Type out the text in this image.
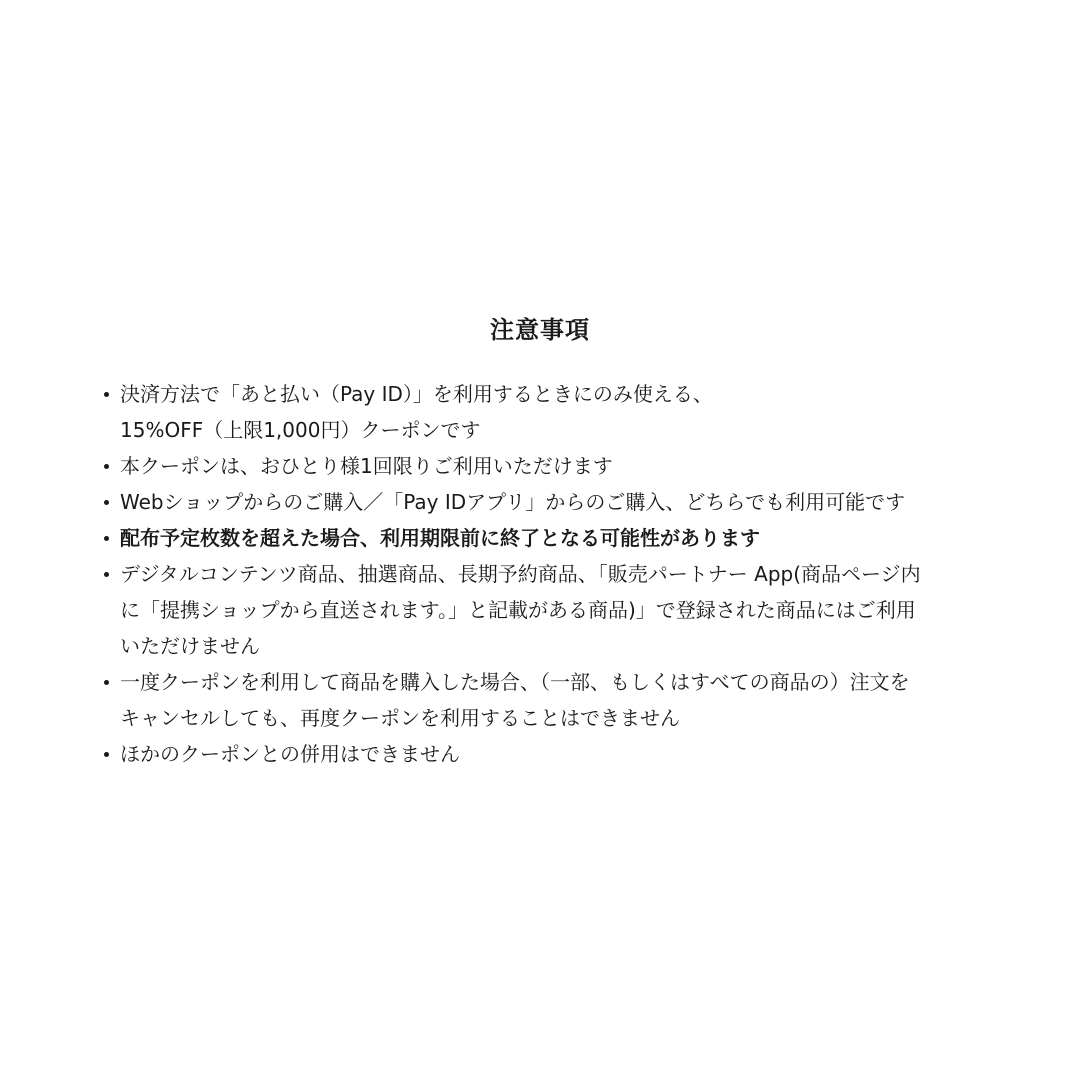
注意事項
決済方法で「あと払い（Pay ID）」を利用するときにのみ使える、
15%OFF（上限1,000円）クーポンです
本クーポンは、おひとり様1回限りご利用いただけます
Webショップからのご購入／「Pay IDアプリ」からのご購入、どちらでも利用可能です
配布予定枚数を超えた場合、利用期限前に終了となる可能性があります
デジタルコンテンツ商品、抽選商品、長期予約商品、「販売パートナー App(商品ページ内
に「提携ショップから直送されます。」と記載がある商品)」で登録された商品にはご利用
いただけません
一度クーポンを利用して商品を購入した場合、（一部、もしくはすべての商品の）注文を
キャンセルしても、再度クーポンを利用することはできません
ほかのクーポンとの併用はできません
